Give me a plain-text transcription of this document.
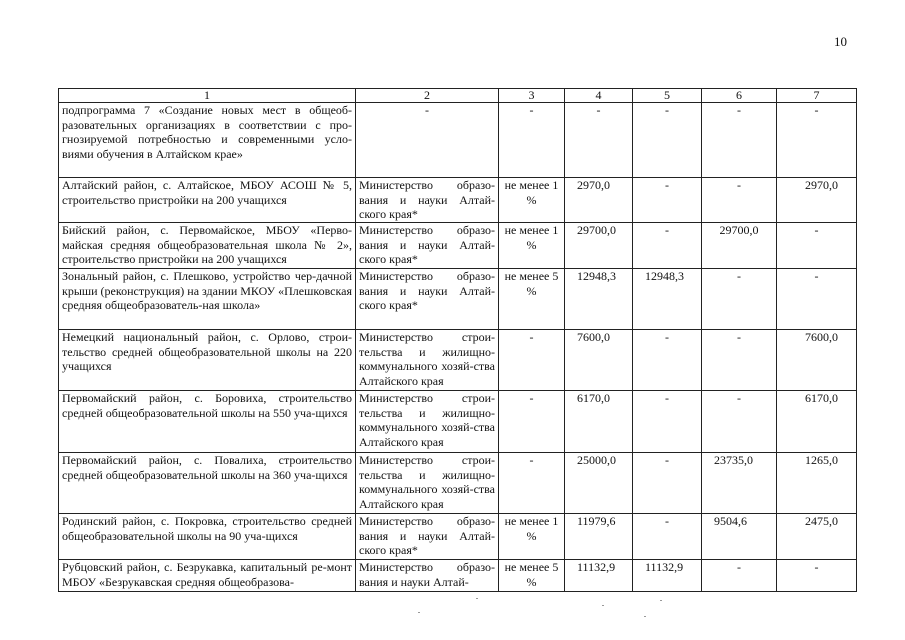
10
1	2	3	4	5	6	7
подпрограмма 7 «Создание новых мест в общеоб-разовательных организациях в соответствии с про-гнозируемой потребностью и современными усло-виями обучения в Алтайском крае»	-	-	-	-	-	-
Алтайский район, с. Алтайское, МБОУ АСОШ № 5, строительство пристройки на 200 учащихся	Министерство образо-вания и науки Алтай-ского края*	не менее 1 %	2970,0	-	-	2970,0
Бийский район, с. Первомайское, МБОУ «Перво-майская средняя общеобразовательная школа № 2», строительство пристройки на 200 учащихся	Министерство образо-вания и науки Алтай-ского края*	не менее 1 %	29700,0	-	29700,0	-
Зональный район, с. Плешково, устройство чер-дачной крыши (реконструкция) на здании МКОУ «Плешковская средняя общеобразователь-ная школа»	Министерство образо-вания и науки Алтай-ского края*	не менее 5 %	12948,3	12948,3	-	-
Немецкий национальный район, с. Орлово, строи-тельство средней общеобразовательной школы на 220 учащихся	Министерство строи-тельства и жилищно-коммунального хозяй-ства Алтайского края	-	7600,0	-	-	7600,0
Первомайский район, с. Боровиха, строительство средней общеобразовательной школы на 550 уча-щихся	Министерство строи-тельства и жилищно-коммунального хозяй-ства Алтайского края	-	6170,0	-	-	6170,0
Первомайский район, с. Повалиха, строительство средней общеобразовательной школы на 360 уча-щихся	Министерство строи-тельства и жилищно-коммунального хозяй-ства Алтайского края	-	25000,0	-	23735,0	1265,0
Родинский район, с. Покровка, строительство средней общеобразовательной школы на 90 уча-щихся	Министерство образо-вания и науки Алтай-ского края*	не менее 1 %	11979,6	-	9504,6	2475,0
Рубцовский район, с. Безрукавка, капитальный ре-монт МБОУ «Безрукавская средняя общеобразова-	Министерство образо-вания и науки Алтай-	не менее 5 %	11132,9	11132,9	-	-
